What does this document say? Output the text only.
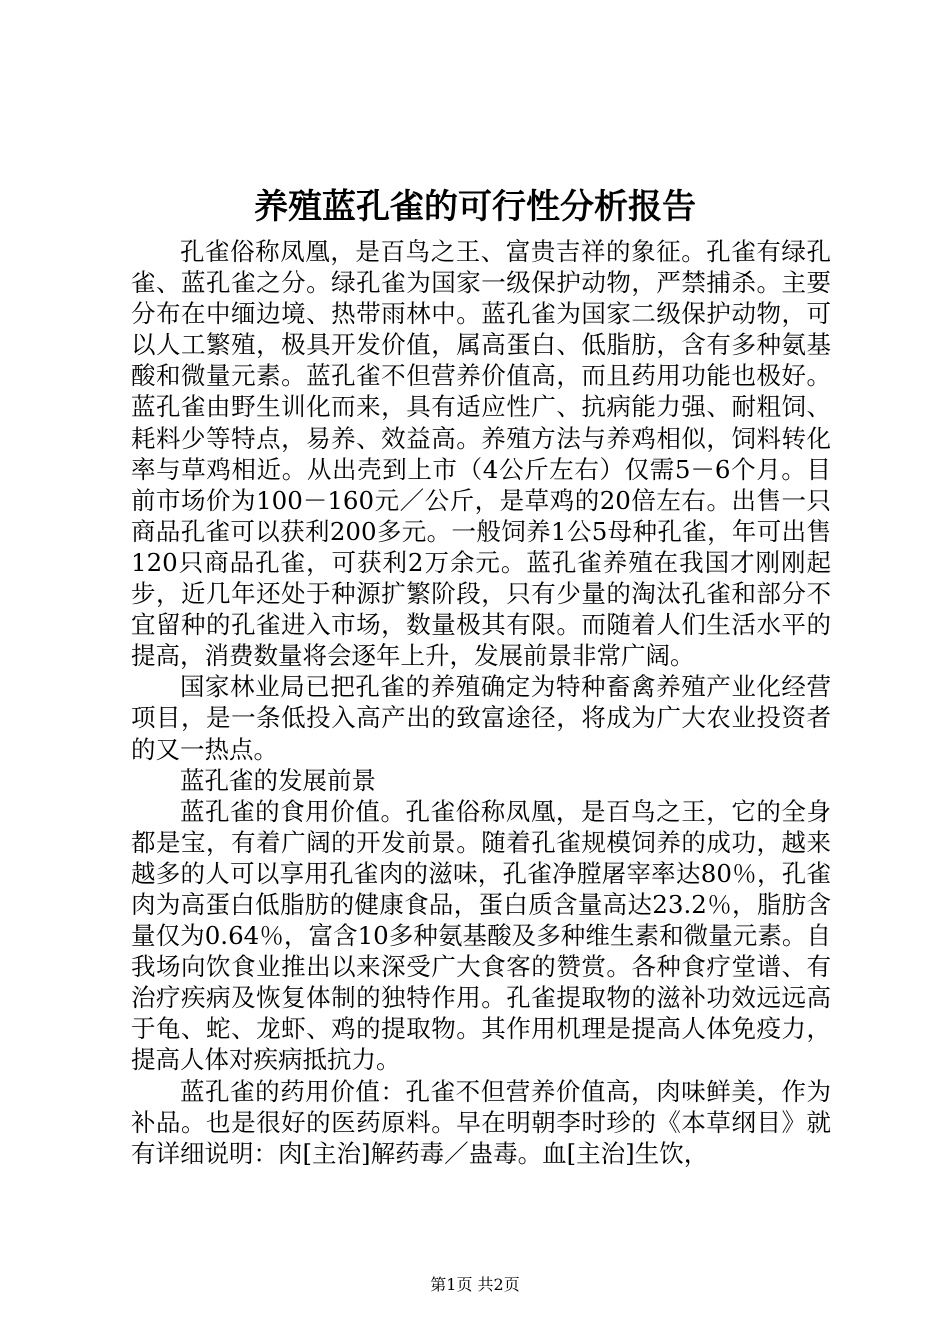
养殖蓝孔雀的可行性分析报告

孔雀俗称凤凰，是百鸟之王、富贵吉祥的象征。孔雀有绿孔雀、蓝孔雀之分。绿孔雀为国家一级保护动物，严禁捕杀。主要分布在中缅边境、热带雨林中。蓝孔雀为国家二级保护动物，可以人工繁殖，极具开发价值，属高蛋白、低脂肪，含有多种氨基酸和微量元素。蓝孔雀不但营养价值高，而且药用功能也极好。蓝孔雀由野生训化而来，具有适应性广、抗病能力强、耐粗饲、耗料少等特点，易养、效益高。养殖方法与养鸡相似，饲料转化率与草鸡相近。从出壳到上市（4公斤左右）仅需5－6个月。目前市场价为100－160元／公斤，是草鸡的20倍左右。出售一只商品孔雀可以获利200多元。一般饲养1公5母种孔雀，年可出售120只商品孔雀，可获利2万余元。蓝孔雀养殖在我国才刚刚起步，近几年还处于种源扩繁阶段，只有少量的淘汰孔雀和部分不宜留种的孔雀进入市场，数量极其有限。而随着人们生活水平的提高，消费数量将会逐年上升，发展前景非常广阔。

国家林业局已把孔雀的养殖确定为特种畜禽养殖产业化经营项目，是一条低投入高产出的致富途径，将成为广大农业投资者的又一热点。

蓝孔雀的发展前景

蓝孔雀的食用价值。孔雀俗称凤凰，是百鸟之王，它的全身都是宝，有着广阔的开发前景。随着孔雀规模饲养的成功，越来越多的人可以享用孔雀肉的滋味，孔雀净膛屠宰率达80％，孔雀肉为高蛋白低脂肪的健康食品，蛋白质含量高达23.2％，脂肪含量仅为0.64％，富含10多种氨基酸及多种维生素和微量元素。自我场向饮食业推出以来深受广大食客的赞赏。各种食疗堂谱、有治疗疾病及恢复体制的独特作用。孔雀提取物的滋补功效远远高于龟、蛇、龙虾、鸡的提取物。其作用机理是提高人体免疫力，提高人体对疾病抵抗力。

蓝孔雀的药用价值：孔雀不但营养价值高，肉味鲜美，作为补品。也是很好的医药原料。早在明朝李时珍的《本草纲目》就有详细说明：肉[主治]解药毒／蛊毒。血[主治]生饮，

第1页 共2页
